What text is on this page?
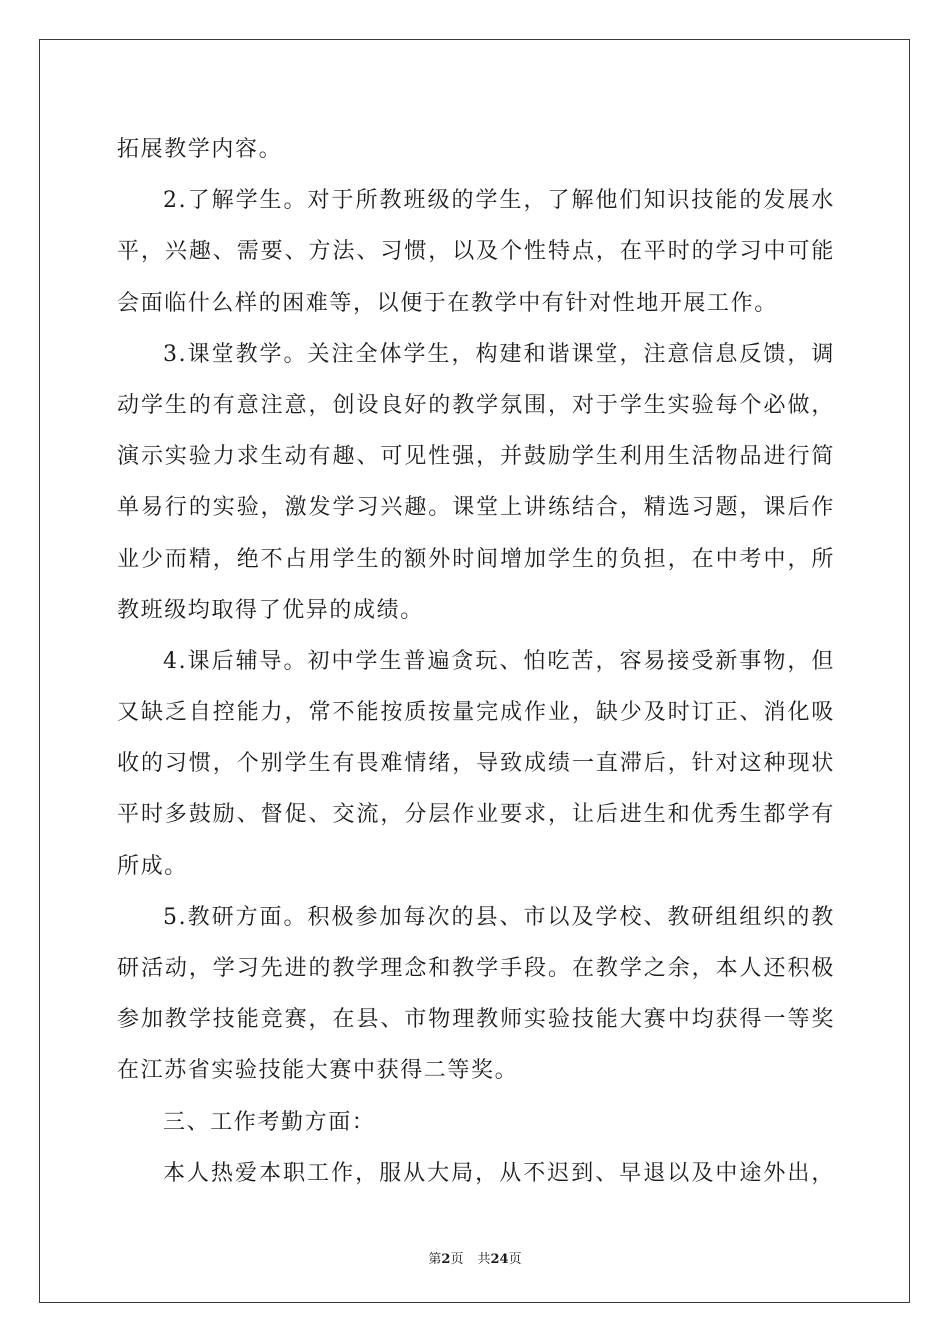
拓展教学内容。
2.了解学生。对于所教班级的学生，了解他们知识技能的发展水
平，兴趣、需要、方法、习惯，以及个性特点，在平时的学习中可能
会面临什么样的困难等，以便于在教学中有针对性地开展工作。
3.课堂教学。关注全体学生，构建和谐课堂，注意信息反馈，调
动学生的有意注意，创设良好的教学氛围，对于学生实验每个必做，
演示实验力求生动有趣、可见性强，并鼓励学生利用生活物品进行简
单易行的实验，激发学习兴趣。课堂上讲练结合，精选习题，课后作
业少而精，绝不占用学生的额外时间增加学生的负担，在中考中，所
教班级均取得了优异的成绩。
4.课后辅导。初中学生普遍贪玩、怕吃苦，容易接受新事物，但
又缺乏自控能力，常不能按质按量完成作业，缺少及时订正、消化吸
收的习惯，个别学生有畏难情绪，导致成绩一直滞后，针对这种现状
平时多鼓励、督促、交流，分层作业要求，让后进生和优秀生都学有
所成。
5.教研方面。积极参加每次的县、市以及学校、教研组组织的教
研活动，学习先进的教学理念和教学手段。在教学之余，本人还积极
参加教学技能竞赛，在县、市物理教师实验技能大赛中均获得一等奖
在江苏省实验技能大赛中获得二等奖。
三、工作考勤方面：
本人热爱本职工作，服从大局，从不迟到、早退以及中途外出，
第2页 共24页
